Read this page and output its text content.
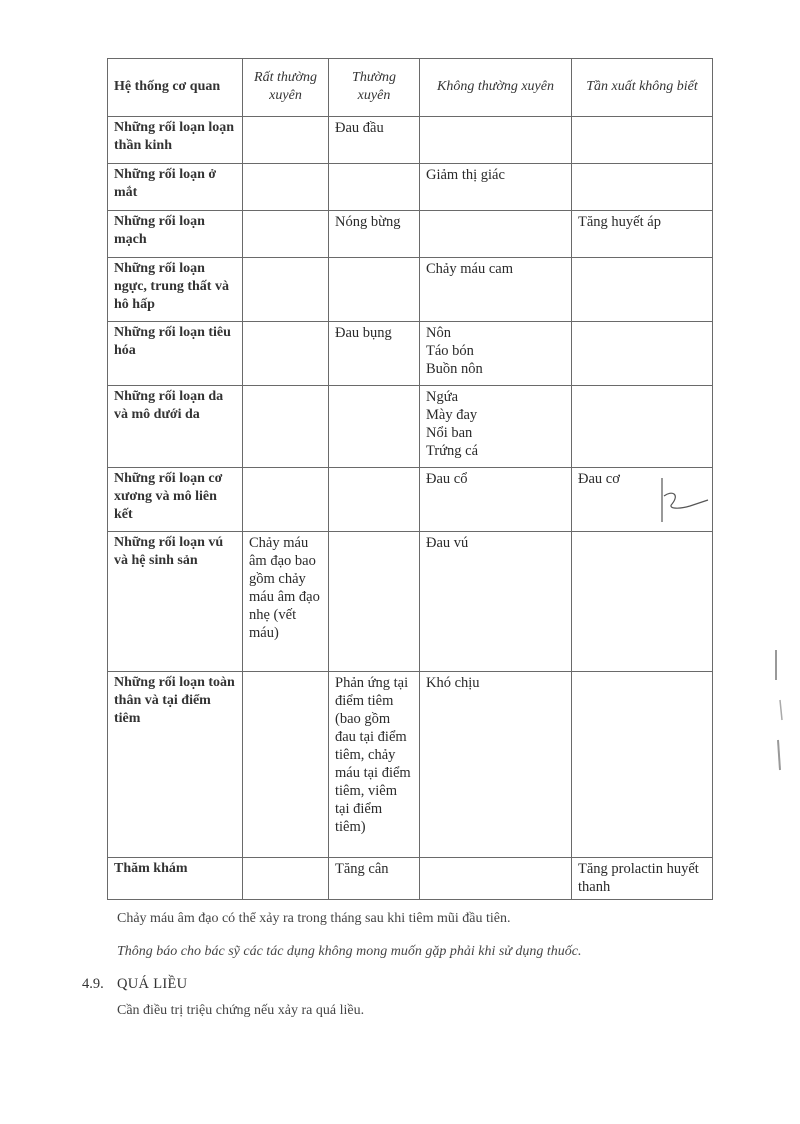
Hệ thống cơ quan	Rất thường xuyên	Thường xuyên	Không thường xuyên	Tần xuất không biết
Những rối loạn loạn thần kinh		Đau đầu		

Những rối loạn ở mắt			Giảm thị giác	

Những rối loạn mạch		Nóng bừng		Tăng huyết áp

Những rối loạn ngực, trung thất và hô hấp			Chảy máu cam	

Những rối loạn tiêu hóa		Đau bụng	Nôn
Táo bón
Buồn nôn	

Những rối loạn da và mô dưới da			Ngứa
Mày đay
Nổi ban
Trứng cá	

Những rối loạn cơ xương và mô liên kết			Đau cổ	Đau cơ

Những rối loạn vú và hệ sinh sản	Chảy máu âm đạo bao gồm chảy máu âm đạo nhẹ (vết máu)		Đau vú	

Những rối loạn toàn thân và tại điểm tiêm		Phản ứng tại điểm tiêm (bao gồm đau tại điểm tiêm, chảy máu tại điểm tiêm, viêm tại điểm tiêm)	Khó chịu	

Thăm khám		Tăng cân		Tăng prolactin huyết thanh
Chảy máu âm đạo có thể xảy ra trong tháng sau khi tiêm mũi đầu tiên.
Thông báo cho bác sỹ các tác dụng không mong muốn gặp phải khi sử dụng thuốc.
4.9. QUÁ LIỀU
Cần điều trị triệu chứng nếu xảy ra quá liều.
